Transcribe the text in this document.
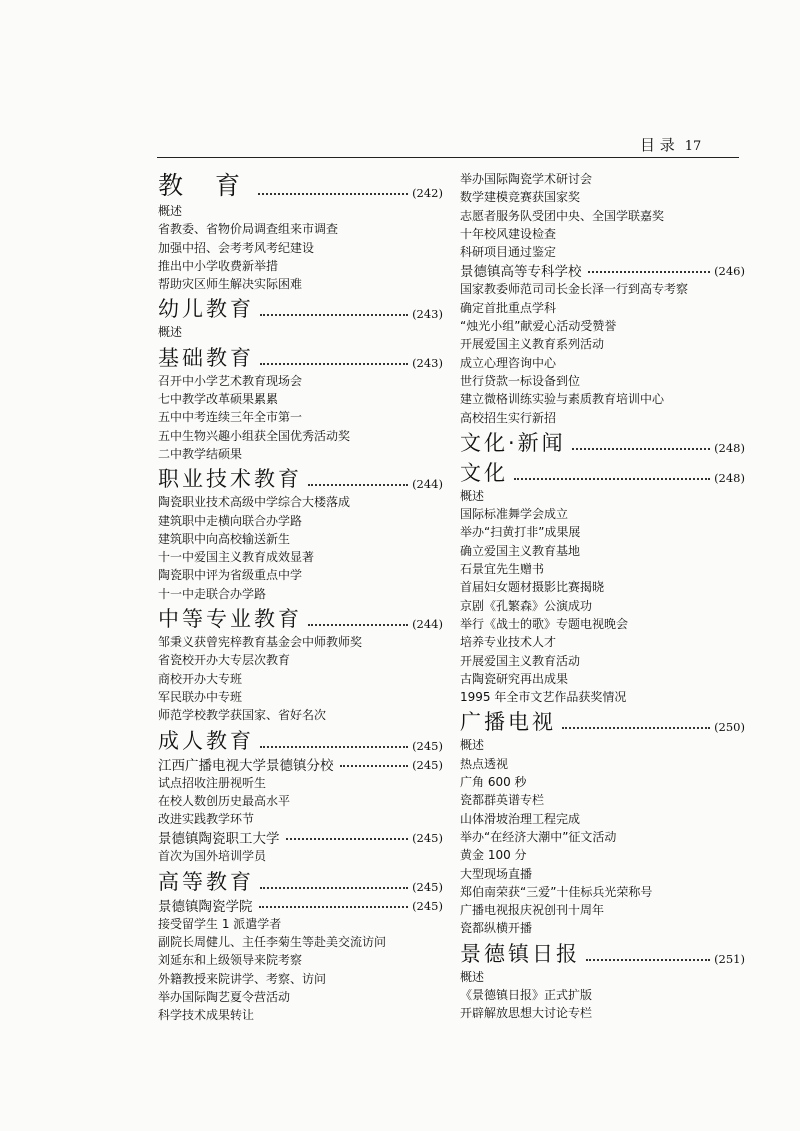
目 录 17
教 育	(242)
概述
省教委、省物价局调查组来市调查
加强中招、会考考风考纪建设
推出中小学收费新举措
帮助灾区师生解决实际困难
幼儿教育	(243)
概述
基础教育	(243)
召开中小学艺术教育现场会
七中教学改革硕果累累
五中中考连续三年全市第一
五中生物兴趣小组获全国优秀活动奖
二中教学结硕果
职业技术教育	(244)
陶瓷职业技术高级中学综合大楼落成
建筑职中走横向联合办学路
建筑职中向高校输送新生
十一中爱国主义教育成效显著
陶瓷职中评为省级重点中学
十一中走联合办学路
中等专业教育	(244)
邹秉义获曾宪梓教育基金会中师教师奖
省瓷校开办大专层次教育
商校开办大专班
军民联办中专班
师范学校教学获国家、省好名次
成人教育	(245)
江西广播电视大学景德镇分校	(245)
试点招收注册视听生
在校人数创历史最高水平
改进实践教学环节
景德镇陶瓷职工大学	(245)
首次为国外培训学员
高等教育	(245)
景德镇陶瓷学院	(245)
接受留学生 1 派遣学者
副院长周健儿、主任李菊生等赴美交流访问
刘延东和上级领导来院考察
外籍教授来院讲学、考察、访问
举办国际陶艺夏令营活动
科学技术成果转让
举办国际陶瓷学术研讨会
数学建模竞赛获国家奖
志愿者服务队受团中央、全国学联嘉奖
十年校风建设检查
科研项目通过鉴定
景德镇高等专科学校	(246)
国家教委师范司司长金长泽一行到高专考察
确定首批重点学科
“烛光小组”献爱心活动受赞誉
开展爱国主义教育系列活动
成立心理咨询中心
世行贷款一标设备到位
建立微格训练实验与素质教育培训中心
高校招生实行新招
文化·新闻	(248)
文化	(248)
概述
国际标准舞学会成立
举办“扫黄打非”成果展
确立爱国主义教育基地
石景宜先生赠书
首届妇女题材摄影比赛揭晓
京剧《孔繁森》公演成功
举行《战士的歌》专题电视晚会
培养专业技术人才
开展爱国主义教育活动
古陶瓷研究再出成果
1995 年全市文艺作品获奖情况
广播电视	(250)
概述
热点透视
广角 600 秒
瓷都群英谱专栏
山体滑坡治理工程完成
举办“在经济大潮中”征文活动
黄金 100 分
大型现场直播
郑伯南荣获“三爱”十佳标兵光荣称号
广播电视报庆祝创刊十周年
瓷都纵横开播
景德镇日报	(251)
概述
《景德镇日报》正式扩版
开辟解放思想大讨论专栏
